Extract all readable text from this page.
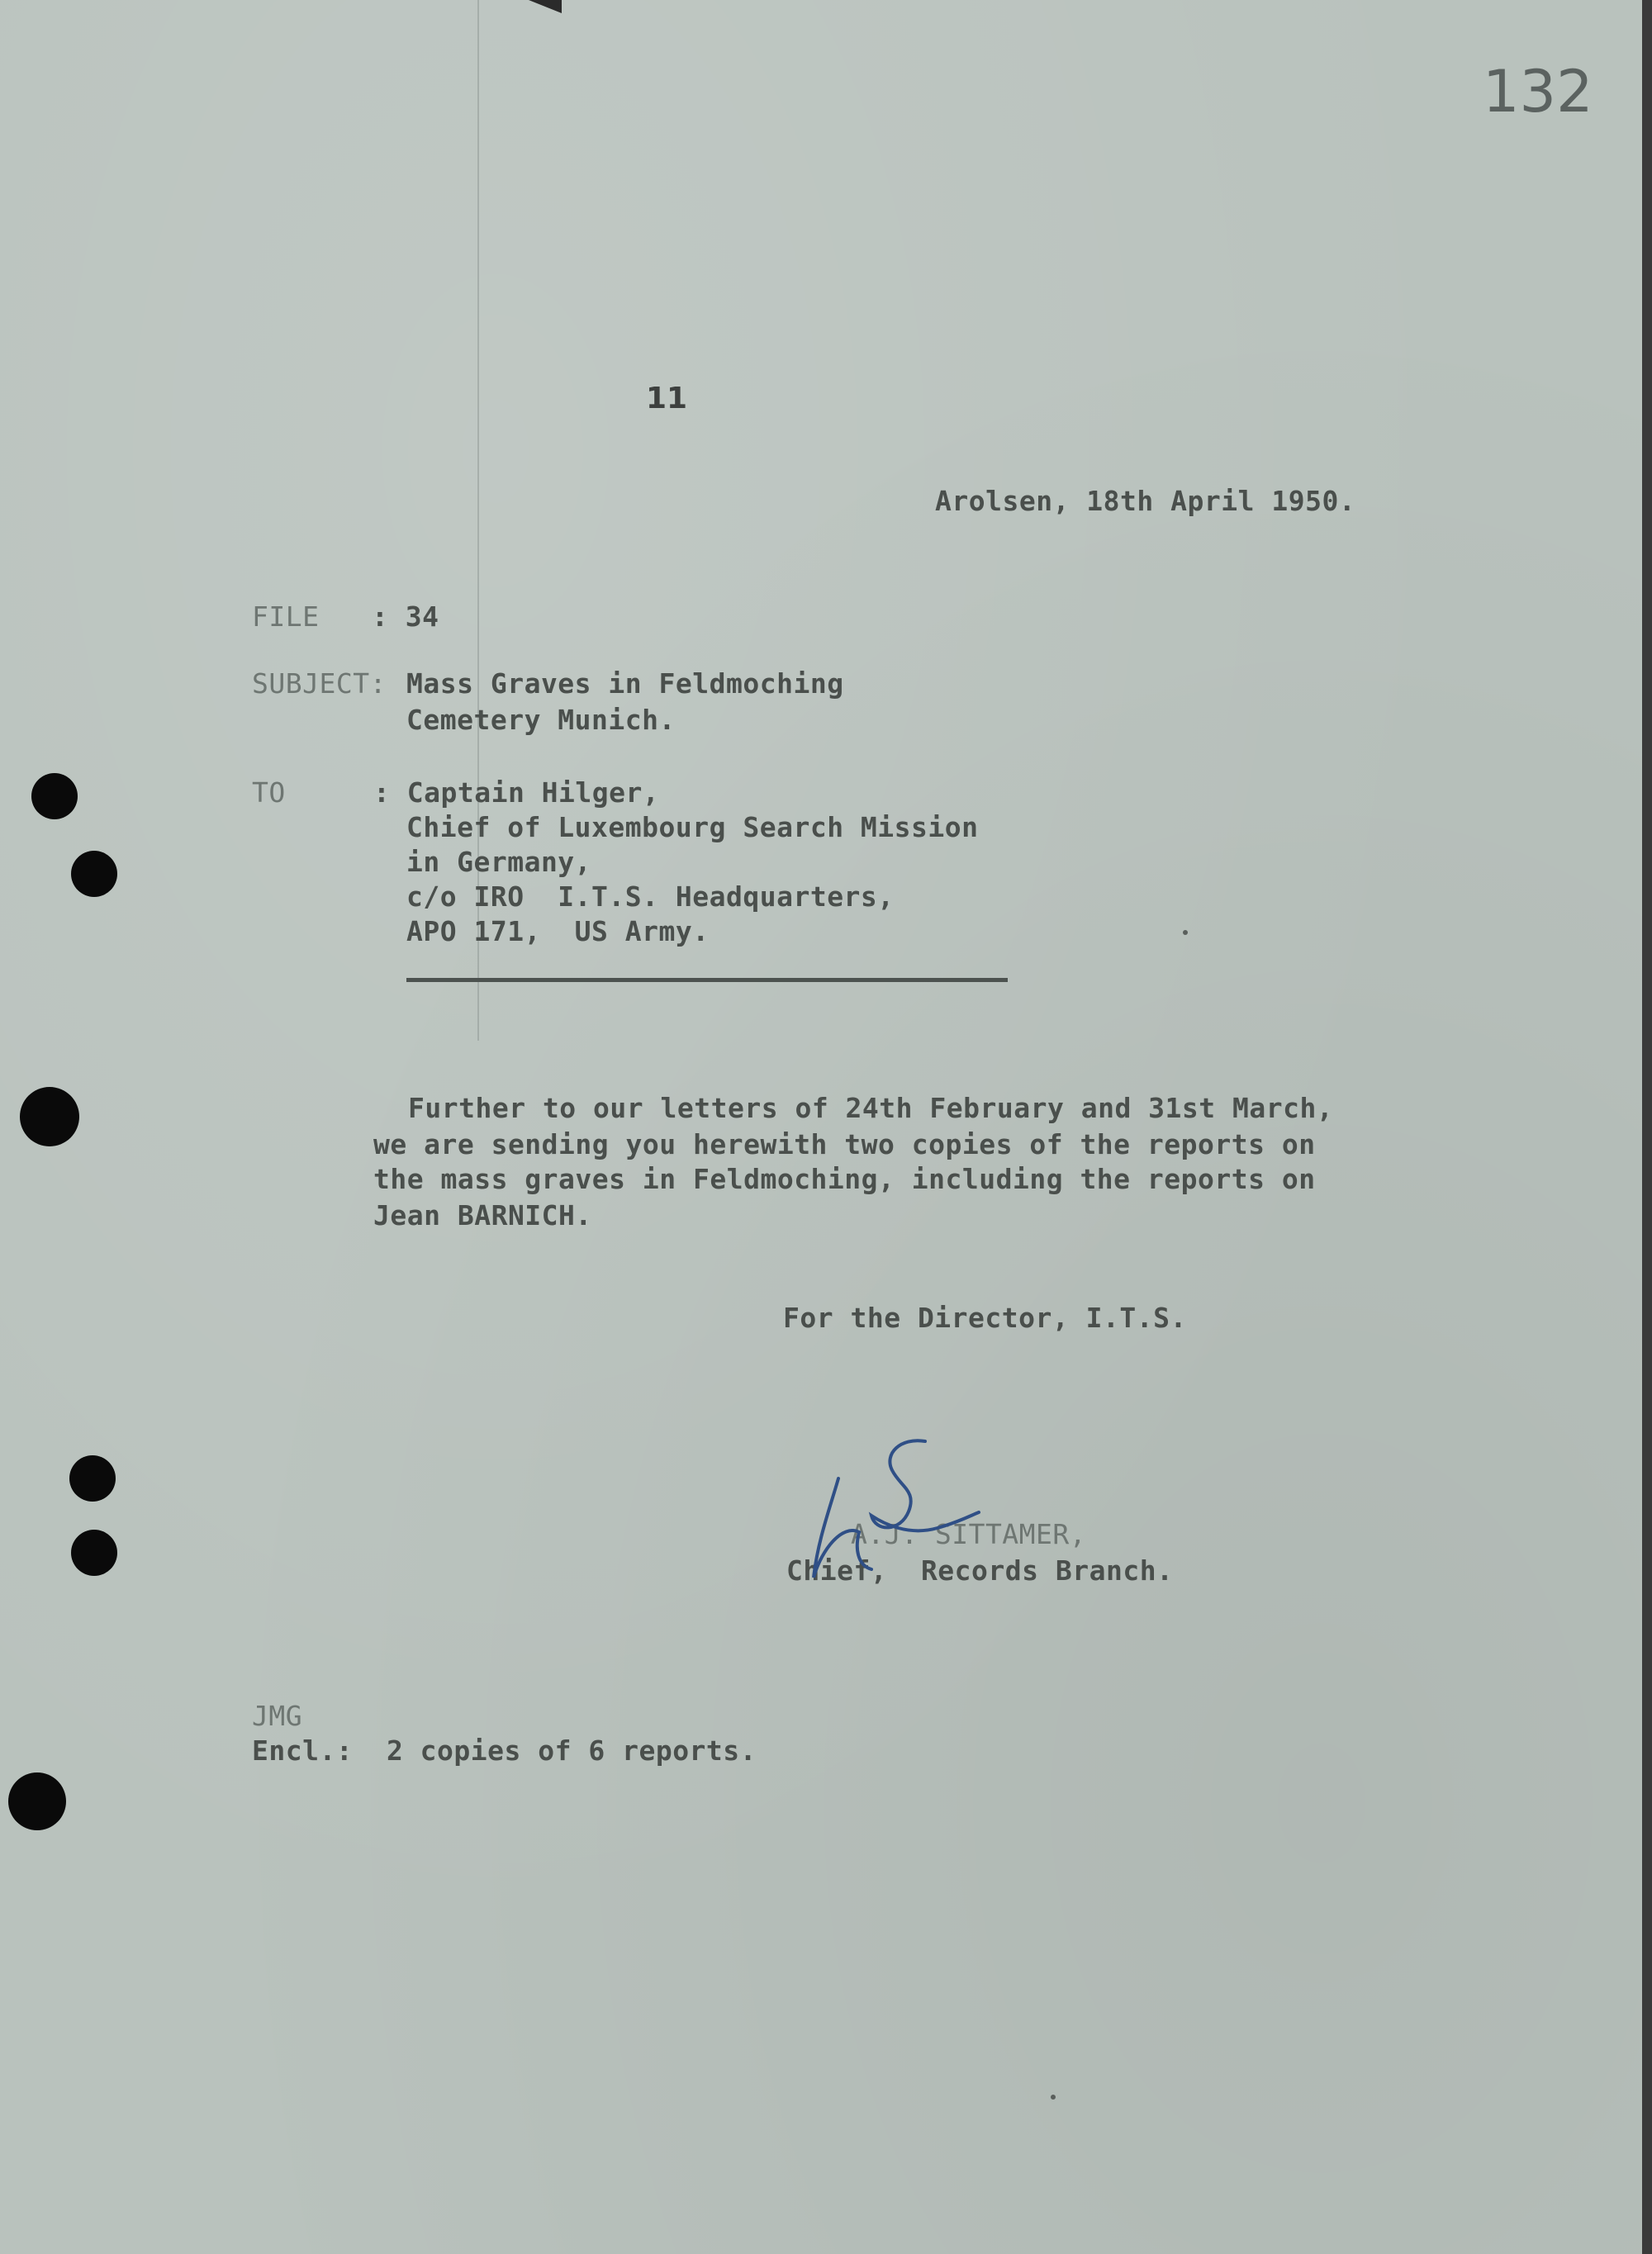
132
11
Arolsen, 18th April 1950.
FILE : 34
SUBJECT: Mass Graves in Feldmoching
Cemetery Munich.
TO	: Captain Hilger,
Chief of Luxembourg Search Mission
in Germany,
c/o IRO  I.T.S. Headquarters,
APO 171,  US Army.
Further to our letters of 24th February and 31st March,
we are sending you herewith two copies of the reports on
the mass graves in Feldmoching, including the reports on
Jean BARNICH.
For the Director, I.T.S.
A.J. SITTAMER,
Chief,  Records Branch.
JMG
Encl.:  2 copies of 6 reports.
